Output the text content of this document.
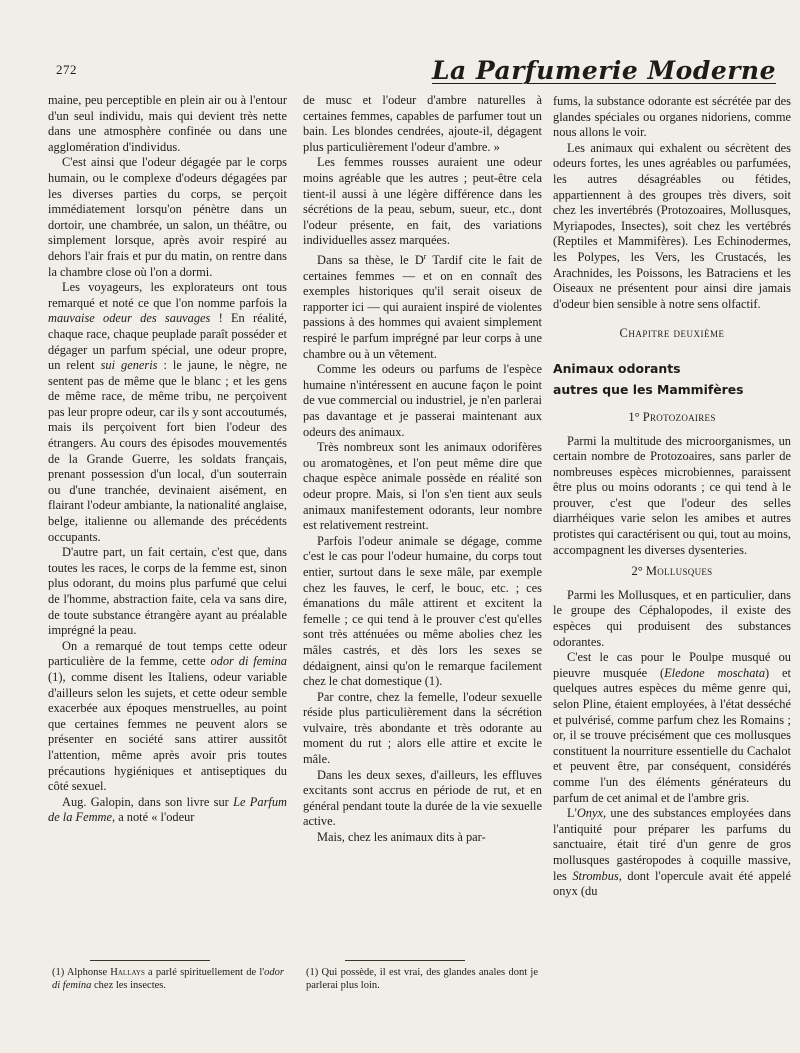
272	La Parfumerie Moderne

maine, peu perceptible en plein air ou à l'entour d'un seul individu, mais qui devient très nette dans une atmosphère confinée ou dans une agglomération d'individus.

C'est ainsi que l'odeur dégagée par le corps humain, ou le complexe d'odeurs dégagées par les diverses parties du corps, se perçoit immédiatement lorsqu'on pénètre dans un dortoir, une chambrée, un salon, un théâtre, ou simplement lorsque, après avoir respiré au dehors l'air frais et pur du matin, on rentre dans la chambre close où l'on a dormi.

Les voyageurs, les explorateurs ont tous remarqué et noté ce que l'on nomme parfois la mauvaise odeur des sauvages ! En réalité, chaque race, chaque peuplade paraît posséder et dégager un parfum spécial, une odeur propre, un relent sui generis : le jaune, le nègre, ne sentent pas de même que le blanc ; et les gens de même race, de même tribu, ne perçoivent pas leur propre odeur, car ils y sont accoutumés, mais ils perçoivent fort bien l'odeur des étrangers. Au cours des épisodes mouvementés de la Grande Guerre, les soldats français, prenant possession d'un local, d'un souterrain ou d'une tranchée, devinaient aisément, en flairant l'odeur ambiante, la nationalité anglaise, belge, italienne ou allemande des précédents occupants.

D'autre part, un fait certain, c'est que, dans toutes les races, le corps de la femme est, sinon plus odorant, du moins plus parfumé que celui de l'homme, abstraction faite, cela va sans dire, de toute substance étrangère ayant au préalable imprégné la peau.

On a remarqué de tout temps cette odeur particulière de la femme, cette odor di femina (1), comme disent les Italiens, odeur variable d'ailleurs selon les sujets, et cette odeur semble exacerbée aux époques menstruelles, au point que certaines femmes ne peuvent alors se présenter en société sans attirer aussitôt l'attention, même après avoir pris toutes précautions hygiéniques et antiseptiques du côté sexuel.

Aug. Galopin, dans son livre sur Le Parfum de la Femme, a noté « l'odeur

de musc et l'odeur d'ambre naturelles à certaines femmes, capables de parfumer tout un bain. Les blondes cendrées, ajoute-il, dégagent plus particulièrement l'odeur d'ambre. »

Les femmes rousses auraient une odeur moins agréable que les autres ; peut-être cela tient-il aussi à une légère différence dans les sécrétions de la peau, sebum, sueur, etc., dont l'odeur présente, en fait, des variations individuelles assez marquées.

Dans sa thèse, le $D^r$ Tardif cite le fait de certaines femmes — et on en connaît des exemples historiques qu'il serait oiseux de rapporter ici — qui auraient inspiré de violentes passions à des hommes qui avaient simplement respiré le parfum imprégné par leur corps à une chambre ou à un vêtement.

Comme les odeurs ou parfums de l'espèce humaine n'intéressent en aucune façon le point de vue commercial ou industriel, je n'en parlerai pas davantage et je passerai maintenant aux odeurs des animaux.

Très nombreux sont les animaux odorifères ou aromatogènes, et l'on peut même dire que chaque espèce animale possède en réalité son odeur propre. Mais, si l'on s'en tient aux seuls animaux manifestement odorants, leur nombre est relativement restreint.

Parfois l'odeur animale se dégage, comme c'est le cas pour l'odeur humaine, du corps tout entier, surtout dans le sexe mâle, par exemple chez les fauves, le cerf, le bouc, etc. ; ces émanations du mâle attirent et excitent la femelle ; ce qui tend à le prouver c'est qu'elles sont très atténuées ou même abolies chez les mâles castrés, et dès lors les sexes se dédaignent, ainsi qu'on le remarque facilement chez le chat domestique (1).

Par contre, chez la femelle, l'odeur sexuelle réside plus particulièrement dans la sécrétion vulvaire, très abondante et très odorante au moment du rut ; alors elle attire et excite le mâle.

Dans les deux sexes, d'ailleurs, les effluves excitants sont accrus en période de rut, et en général pendant toute la durée de la vie sexuelle active.

Mais, chez les animaux dits à par-

fums, la substance odorante est sécrétée par des glandes spéciales ou organes nidoriens, comme nous allons le voir.

Les animaux qui exhalent ou sécrètent des odeurs fortes, les unes agréables ou parfumées, les autres désagréables ou fétides, appartiennent à des groupes très divers, soit chez les invertébrés (Protozoaires, Mollusques, Myriapodes, Insectes), soit chez les vertébrés (Reptiles et Mammifères). Les Echinodermes, les Polypes, les Vers, les Crustacés, les Arachnides, les Poissons, les Batraciens et les Oiseaux ne présentent pour ainsi dire jamais d'odeur bien sensible à notre sens olfactif.

Chapitre deuxième

Animaux odorants
autres que les Mammifères

1° Protozoaires

Parmi la multitude des microorganismes, un certain nombre de Protozoaires, sans parler de nombreuses espèces microbiennes, paraissent être plus ou moins odorants ; ce qui tend à le prouver, c'est que l'odeur des selles diarrhéiques varie selon les amibes et autres protistes qui caractérisent ou qui, tout au moins, accompagnent les diverses dysenteries.

2° Mollusques

Parmi les Mollusques, et en particulier, dans le groupe des Céphalopodes, il existe des espèces qui produisent des substances odorantes.

C'est le cas pour le Poulpe musqué ou pieuvre musquée (Eledone moschata) et quelques autres espèces du même genre qui, selon Pline, étaient employées, à l'état desséché et pulvérisé, comme parfum chez les Romains ; or, il se trouve précisément que ces mollusques constituent la nourriture essentielle du Cachalot et peuvent être, par conséquent, considérés comme l'un des éléments générateurs du parfum de cet animal et de l'ambre gris.

L'Onyx, une des substances employées dans l'antiquité pour préparer les parfums du sanctuaire, était tiré d'un genre de gros mollusques gastéropodes à coquille massive, les Strombus, dont l'opercule avait été appelé onyx (du

(1) Alphonse Hallays a parlé spirituellement de l'odor di femina chez les insectes.
(1) Qui possède, il est vrai, des glandes anales dont je parlerai plus loin.
